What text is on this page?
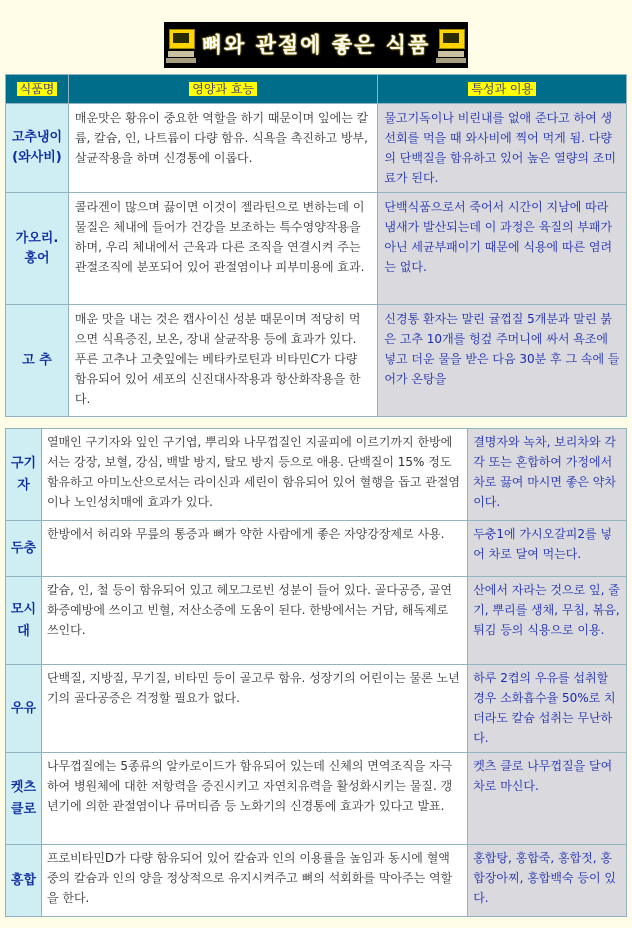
뼈와 관절에 좋은 식품
식품명	영양과 효능	특성과 이용
고추냉이(와사비)	매운맛은 황유이 중요한 역할을 하기 때문이며 잎에는 칼륨, 칼슘, 인, 나트륨이 다량 함유. 식욕을 촉진하고 방부, 살균작용을 하며 신경통에 이롭다.	물고기독이나 비린내를 없애 준다고 하여 생선회를 먹을 때 와사비에 찍어 먹게 됨. 다량의 단백질을 함유하고 있어 높은 열량의 조미료가 된다.
가오리. 홍어	콜라겐이 많으며 끓이면 이것이 젤라틴으로 변하는데 이 물질은 체내에 들어가 건강을 보조하는 특수영양작용을 하며, 우리 체내에서 근육과 다른 조직을 연결시켜 주는 관절조직에 분포되어 있어 관절염이나 피부미용에 효과.	단백식품으로서 죽어서 시간이 지남에 따라 냄새가 발산되는데 이 과정은 육질의 부패가 아닌 세균부패이기 때문에 식용에 따른 염려는 없다.
고 추	매운 맛을 내는 것은 캡사이신 성분 때문이며 적당히 먹으면 식욕증진, 보온, 장내 살균작용 등에 효과가 있다. 푸른 고추나 고춧잎에는 베타카로틴과 비타민C가 다량 함유되어 있어 세포의 신진대사작용과 항산화작용을 한다.	신경통 환자는 말린 귤껍질 5개분과 말린 붉은 고추 10개를 헝겊 주머니에 싸서 욕조에 넣고 더운 물을 받은 다음 30분 후 그 속에 들어가 온탕을
구기자	열매인 구기자와 잎인 구기엽, 뿌리와 나무껍질인 지골피에 이르기까지 한방에서는 강장, 보혈, 강심, 백발 방지, 탈모 방지 등으로 애용. 단백질이 15% 정도 함유하고 아미노산으로서는 라이신과 세린이 함유되어 있어 혈행을 돕고 관절염이나 노인성치매에 효과가 있다.	결명자와 녹차, 보리차와 각각 또는 혼합하여 가정에서 차로 끓여 마시면 좋은 약차이다.
두충	한방에서 허리와 무릎의 통증과 뼈가 약한 사람에게 좋은 자양강장제로 사용.	두충1에 가시오갈피2를 넣어 차로 달여 먹는다.
모시대	칼슘, 인, 철 등이 함유되어 있고 헤모그로빈 성분이 들어 있다. 골다공증, 골연화증예방에 쓰이고 빈혈, 저산소증에 도움이 된다. 한방에서는 거담, 해독제로 쓰인다.	산에서 자라는 것으로 잎, 줄기, 뿌리를 생채, 무침, 볶음, 튀김 등의 식용으로 이용.
우유	단백질, 지방질, 무기질, 비타민 등이 골고루 함유. 성장기의 어린이는 물론 노년기의 골다공증은 걱정할 필요가 없다.	하루 2켭의 우유를 섭취할 경우 소화흡수율 50%로 치더라도 칼슘 섭취는 무난하다.
켓츠클로	나무껍질에는 5종류의 알카로이드가 함유되어 있는데 신체의 면역조직을 자극하여 병원체에 대한 저항력을 증진시키고 자연치유력을 활성화시키는 물질. 갱년기에 의한 관절염이나 류머티즘 등 노화기의 신경통에 효과가 있다고 발표.	켓츠 클로 나무껍질을 달여 차로 마신다.
홍합	프로비타민D가 다량 함유되어 있어 칼슘과 인의 이용률을 높임과 동시에 혈액 중의 칼슘과 인의 양을 정상적으로 유지시켜주고 뼈의 석회화를 막아주는 역할을 한다.	홍합탕, 홍합죽, 홍합젓, 홍합장아찌, 홍합백숙 등이 있다.
